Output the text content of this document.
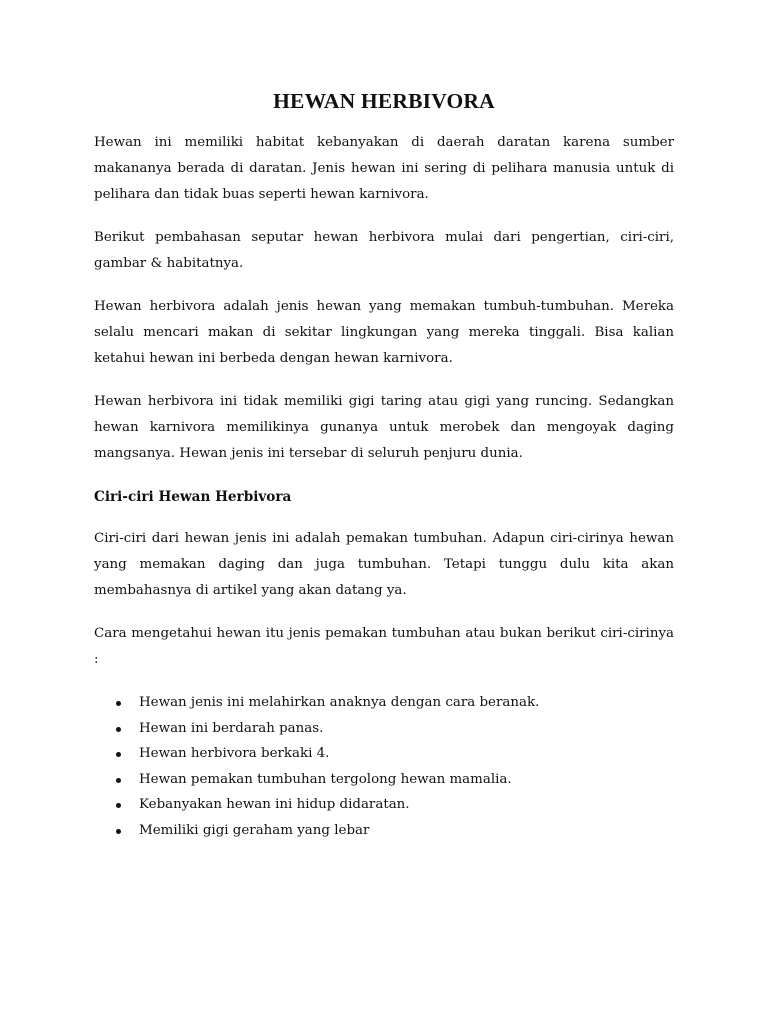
HEWAN HERBIVORA

Hewan ini memiliki habitat kebanyakan di daerah daratan karena sumber makananya berada di daratan. Jenis hewan ini sering di pelihara manusia untuk di pelihara dan tidak buas seperti hewan karnivora.

Berikut pembahasan seputar hewan herbivora mulai dari pengertian, ciri-ciri, gambar & habitatnya.

Hewan herbivora adalah jenis hewan yang memakan tumbuh-tumbuhan. Mereka selalu mencari makan di sekitar lingkungan yang mereka tinggali. Bisa kalian ketahui hewan ini berbeda dengan hewan karnivora.

Hewan herbivora ini tidak memiliki gigi taring atau gigi yang runcing. Sedangkan hewan karnivora memilikinya gunanya untuk merobek dan mengoyak daging mangsanya. Hewan jenis ini tersebar di seluruh penjuru dunia.

Ciri-ciri Hewan Herbivora

Ciri-ciri dari hewan jenis ini adalah pemakan tumbuhan. Adapun ciri-cirinya hewan yang memakan daging dan juga tumbuhan. Tetapi tunggu dulu kita akan membahasnya di artikel yang akan datang ya.

Cara mengetahui hewan itu jenis pemakan tumbuhan atau bukan berikut ciri-cirinya :

Hewan jenis ini melahirkan anaknya dengan cara beranak.
Hewan ini berdarah panas.
Hewan herbivora berkaki 4.
Hewan pemakan tumbuhan tergolong hewan mamalia.
Kebanyakan hewan ini hidup didaratan.
Memiliki gigi geraham yang lebar
